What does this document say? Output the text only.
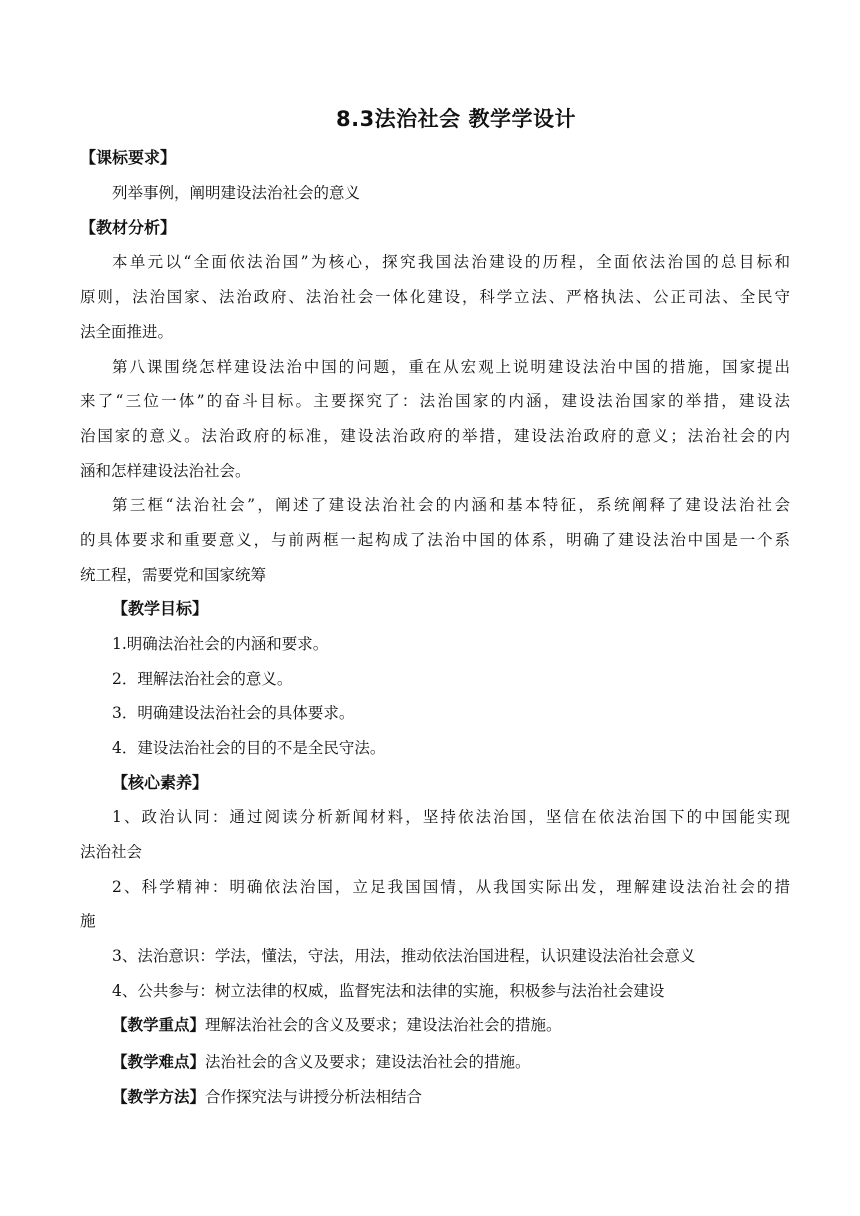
8.3法治社会 教学学设计
【课标要求】
列举事例，阐明建设法治社会的意义
【教材分析】
本单元以“全面依法治国”为核心，探究我国法治建设的历程，全面依法治国的总目标和
原则，法治国家、法治政府、法治社会一体化建设，科学立法、严格执法、公正司法、全民守
法全面推进。
第八课围绕怎样建设法治中国的问题，重在从宏观上说明建设法治中国的措施，国家提出
来了“三位一体”的奋斗目标。主要探究了：法治国家的内涵，建设法治国家的举措，建设法
治国家的意义。法治政府的标准，建设法治政府的举措，建设法治政府的意义；法治社会的内
涵和怎样建设法治社会。
第三框“法治社会”，阐述了建设法治社会的内涵和基本特征，系统阐释了建设法治社会
的具体要求和重要意义，与前两框一起构成了法治中国的体系，明确了建设法治中国是一个系
统工程，需要党和国家统筹
【教学目标】
1.明确法治社会的内涵和要求。
2．理解法治社会的意义。
3．明确建设法治社会的具体要求。
4．建设法治社会的目的不是全民守法。
【核心素养】
1、政治认同：通过阅读分析新闻材料，坚持依法治国，坚信在依法治国下的中国能实现
法治社会
2、科学精神：明确依法治国，立足我国国情，从我国实际出发，理解建设法治社会的措
施
3、法治意识：学法，懂法，守法，用法，推动依法治国进程，认识建设法治社会意义
4、公共参与：树立法律的权威，监督宪法和法律的实施，积极参与法治社会建设
【教学重点】理解法治社会的含义及要求；建设法治社会的措施。
【教学难点】法治社会的含义及要求；建设法治社会的措施。
【教学方法】合作探究法与讲授分析法相结合
